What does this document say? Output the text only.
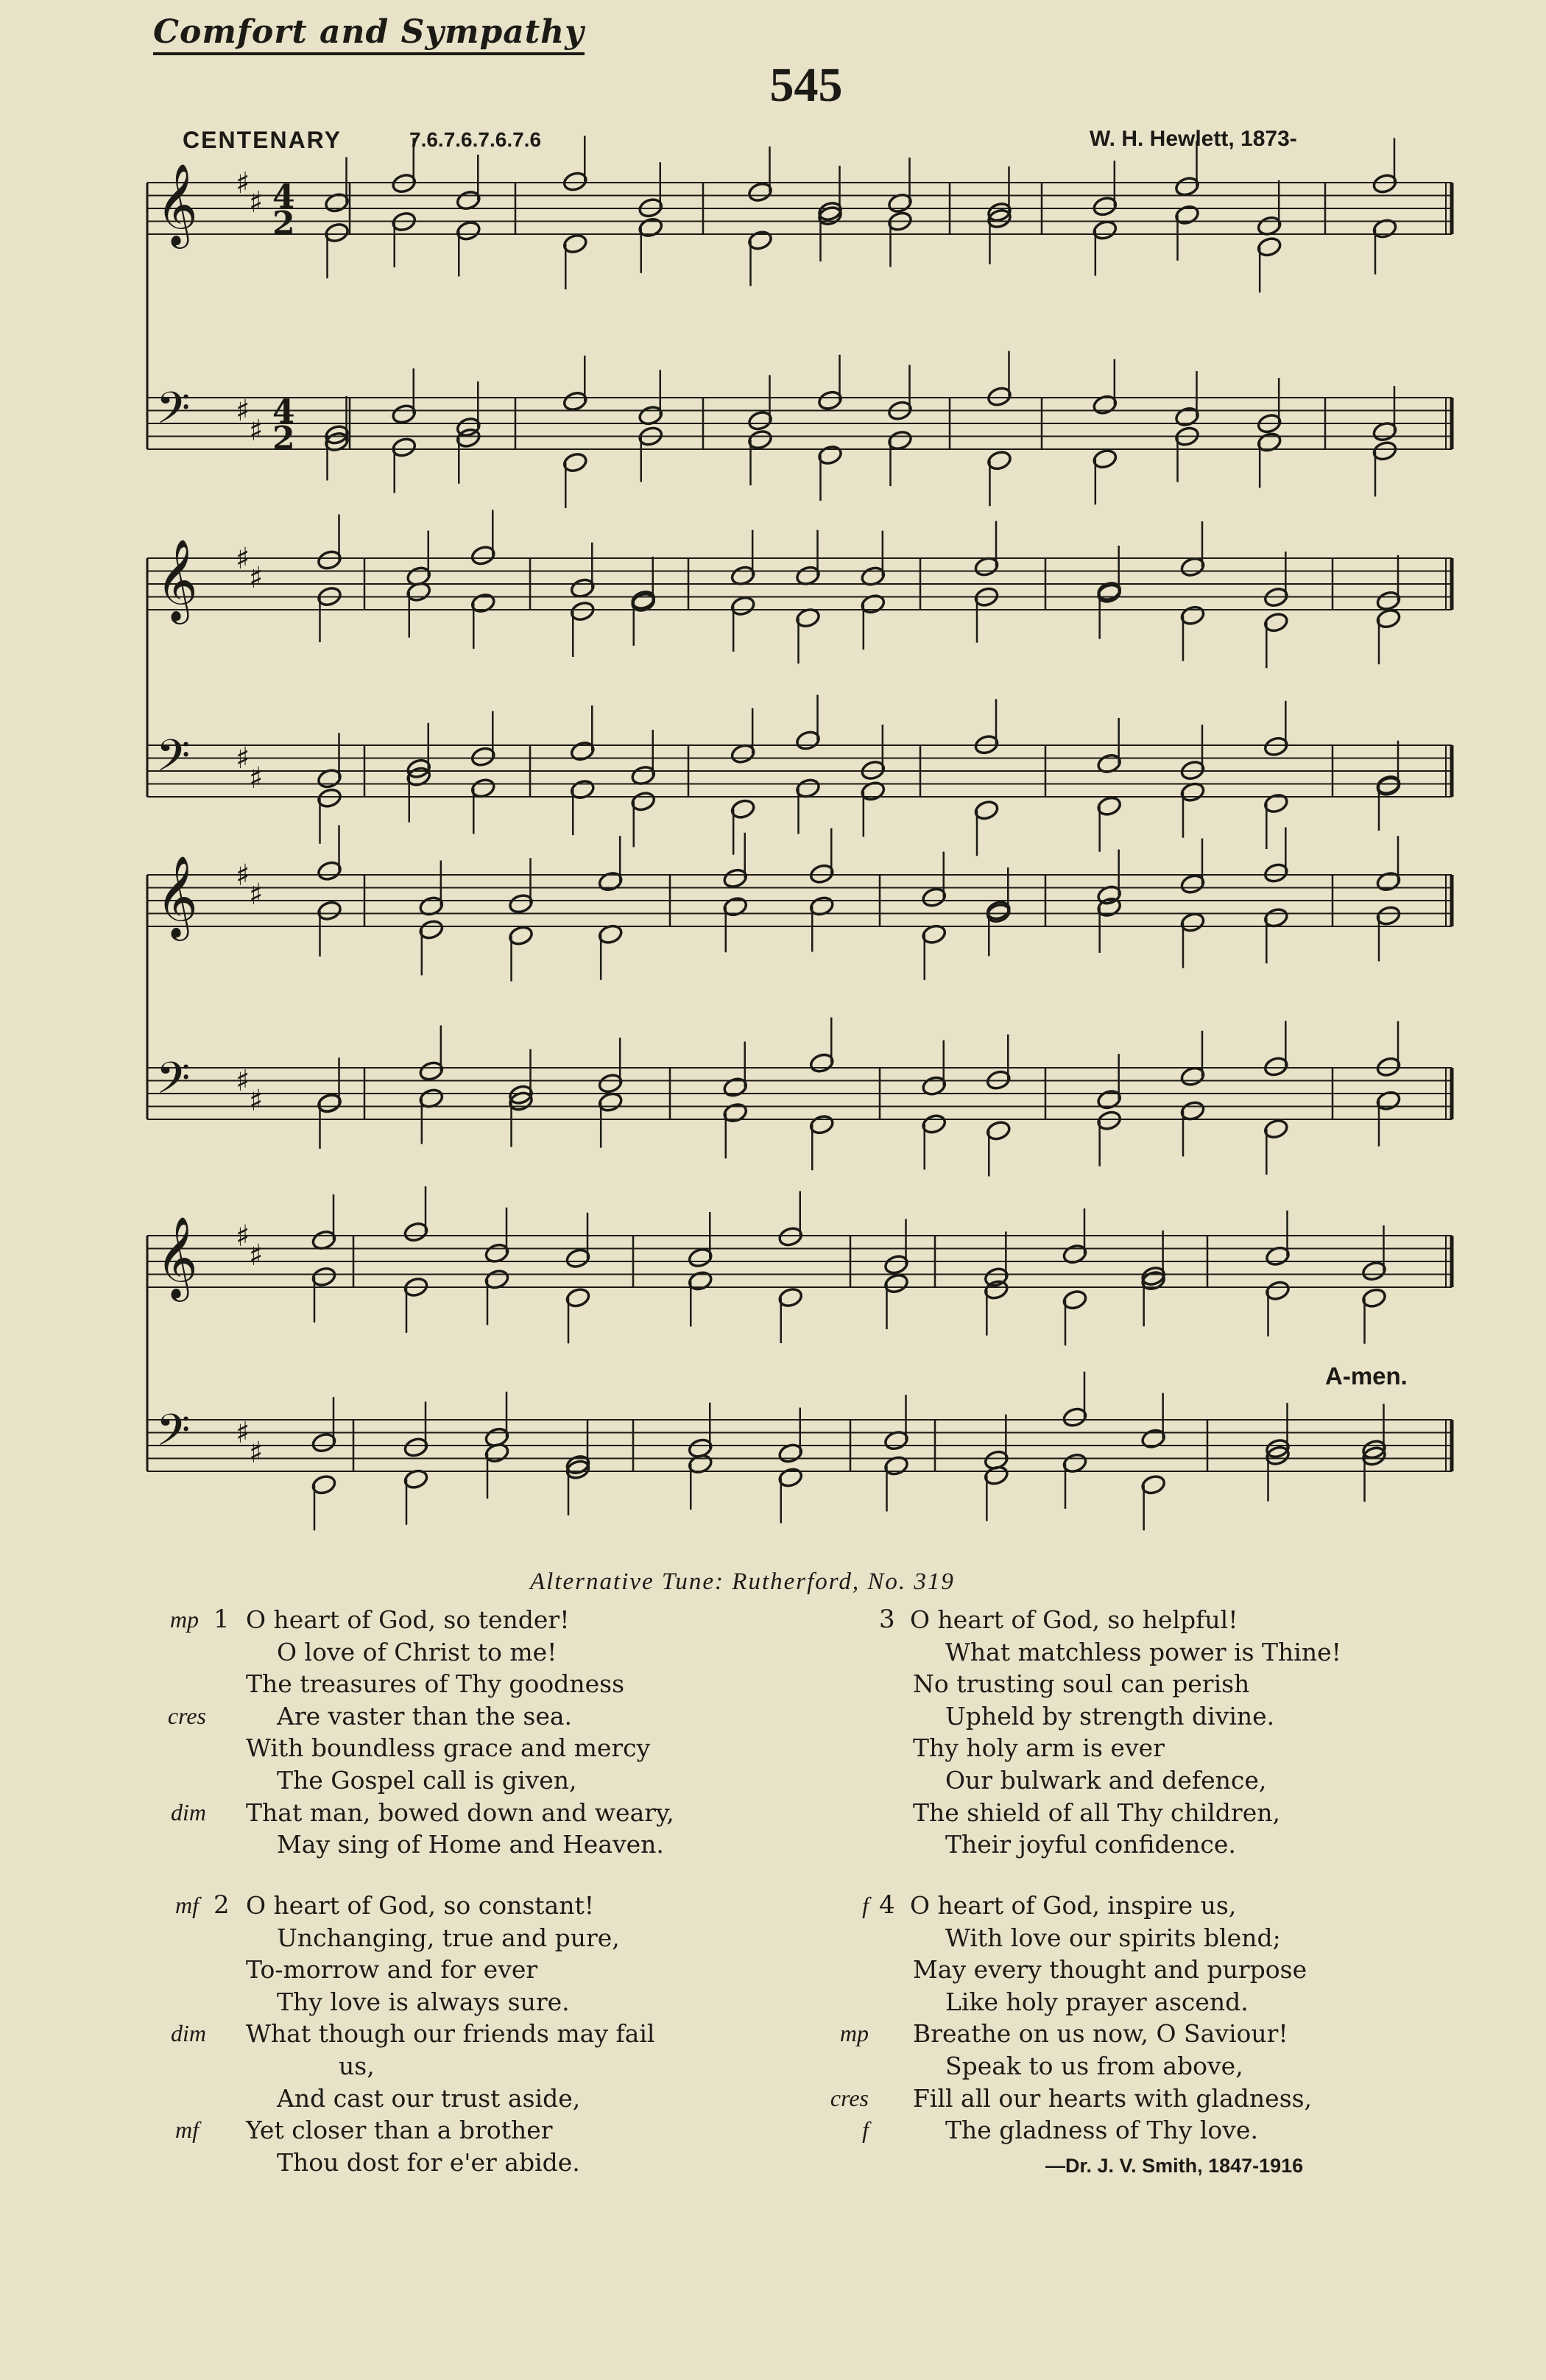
Comfort and Sympathy
545
CENTENARY	7.6.7.6.7.6.7.6	W. H. Hewlett, 1873-
𝄞 ♯
♯ 4
2
𝄢 ♯
♯ 4
2
𝄞 ♯
♯
𝄢 ♯
♯
𝄞 ♯
♯
𝄢 ♯
♯
𝄞 ♯
♯
𝄢 ♯
♯
A-men.
Alternative Tune: Rutherford, No. 319
mp 1 O heart of God, so tender!
O love of Christ to me!
The treasures of Thy goodness
cres	Are vaster than the sea.
With boundless grace and mercy
The Gospel call is given,
dim That man, bowed down and weary,
May sing of Home and Heaven.
mf 2 O heart of God, so constant!
Unchanging, true and pure,
To-morrow and for ever
Thy love is always sure.
dim What though our friends may fail
us,
And cast our trust aside,
mf Yet closer than a brother
Thou dost for e'er abide.
3 O heart of God, so helpful!
What matchless power is Thine!
No trusting soul can perish
Upheld by strength divine.
Thy holy arm is ever
Our bulwark and defence,
The shield of all Thy children,
Their joyful confidence.
f 4 O heart of God, inspire us,
With love our spirits blend;
May every thought and purpose
Like holy prayer ascend.
mp Breathe on us now, O Saviour!
Speak to us from above,
cres Fill all our hearts with gladness,
f	The gladness of Thy love.
—Dr. J. V. Smith, 1847-1916
